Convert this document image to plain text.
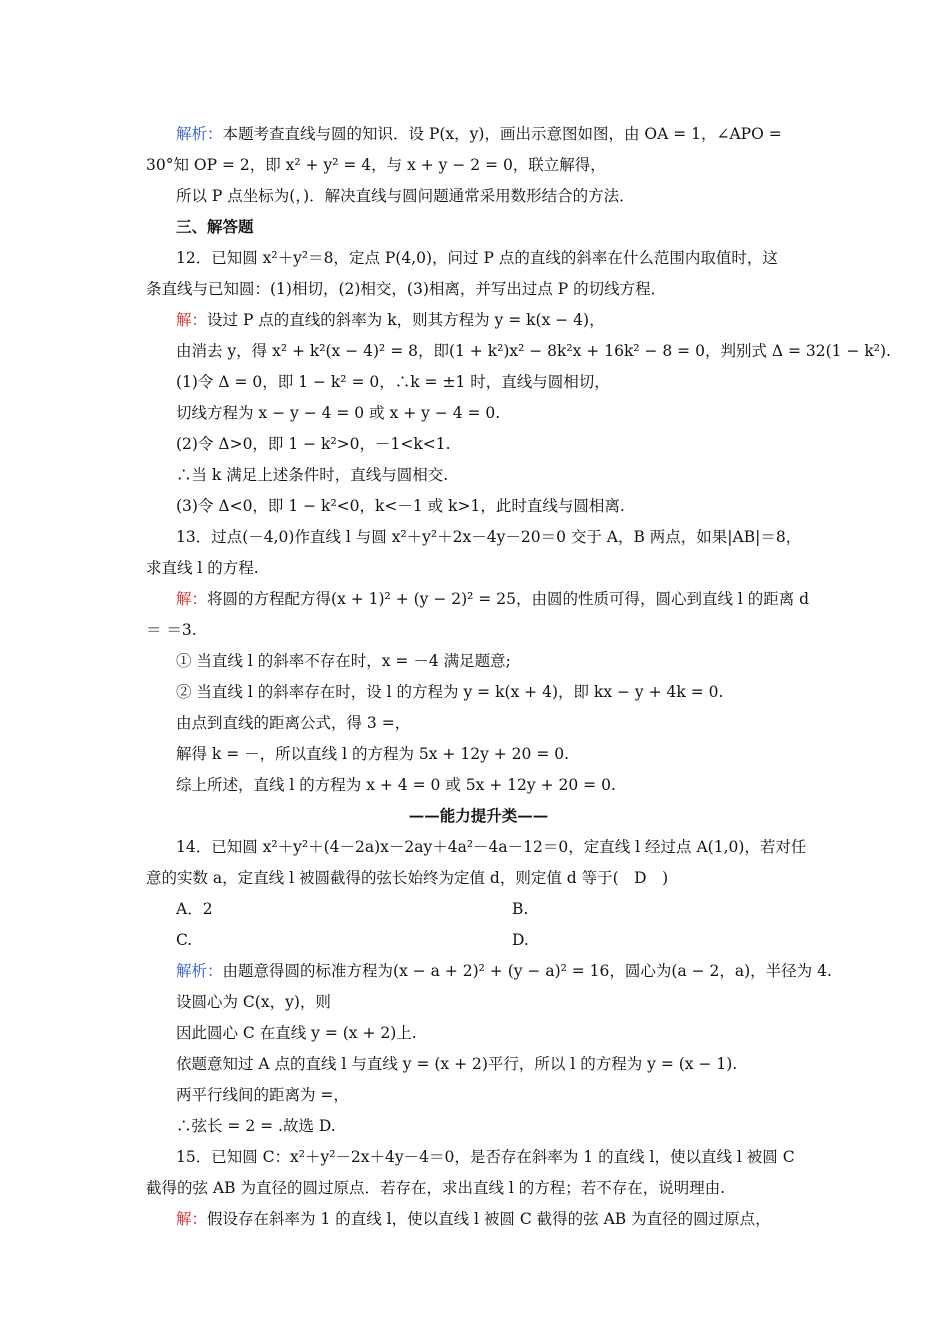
解析：本题考查直线与圆的知识．设 P(x，y)，画出示意图如图，由 OA = 1，∠APO =
30°知 OP = 2，即 x² + y² = 4，与 x + y − 2 = 0，联立解得，
所以 P 点坐标为(，)．解决直线与圆问题通常采用数形结合的方法．
三、解答题
12．已知圆 x²＋y²＝8，定点 P(4,0)，问过 P 点的直线的斜率在什么范围内取值时，这
条直线与已知圆：(1)相切，(2)相交，(3)相离，并写出过点 P 的切线方程．
解：设过 P 点的直线的斜率为 k，则其方程为 y = k(x − 4)，
由消去 y，得 x² + k²(x − 4)² = 8，即(1 + k²)x² − 8k²x + 16k² − 8 = 0，判别式 Δ = 32(1 − k²).
(1)令 Δ = 0，即 1 − k² = 0，∴k = ±1 时，直线与圆相切，
切线方程为 x − y − 4 = 0 或 x + y − 4 = 0.
(2)令 Δ>0，即 1 − k²>0，－1<k<1.
∴当 k 满足上述条件时，直线与圆相交.
(3)令 Δ<0，即 1 − k²<0，k<－1 或 k>1，此时直线与圆相离.
13．过点(－4,0)作直线 l 与圆 x²＋y²＋2x－4y－20＝0 交于 A，B 两点，如果|AB|＝8，
求直线 l 的方程.
解：将圆的方程配方得(x + 1)² + (y − 2)² = 25，由圆的性质可得，圆心到直线 l 的距离 d
＝ ＝3.
① 当直线 l 的斜率不存在时，x = －4 满足题意;
② 当直线 l 的斜率存在时，设 l 的方程为 y = k(x + 4)，即 kx − y + 4k = 0.
由点到直线的距离公式，得 3 =，
解得 k = －，所以直线 l 的方程为 5x + 12y + 20 = 0.
综上所述，直线 l 的方程为 x + 4 = 0 或 5x + 12y + 20 = 0.
——能力提升类——
14．已知圆 x²＋y²＋(4－2a)x－2ay＋4a²－4a－12＝0，定直线 l 经过点 A(1,0)，若对任
意的实数 a，定直线 l 被圆截得的弦长始终为定值 d，则定值 d 等于(　D　)
A．2	B.
C.	D.
解析：由题意得圆的标准方程为(x − a + 2)² + (y − a)² = 16，圆心为(a − 2，a)，半径为 4.
设圆心为 C(x，y)，则
因此圆心 C 在直线 y = (x + 2)上.
依题意知过 A 点的直线 l 与直线 y = (x + 2)平行，所以 l 的方程为 y = (x − 1).
两平行线间的距离为 =，
∴弦长 = 2 = .故选 D.
15．已知圆 C：x²＋y²－2x＋4y－4＝0，是否存在斜率为 1 的直线 l，使以直线 l 被圆 C
截得的弦 AB 为直径的圆过原点．若存在，求出直线 l 的方程；若不存在，说明理由.
解：假设存在斜率为 1 的直线 l，使以直线 l 被圆 C 截得的弦 AB 为直径的圆过原点，
